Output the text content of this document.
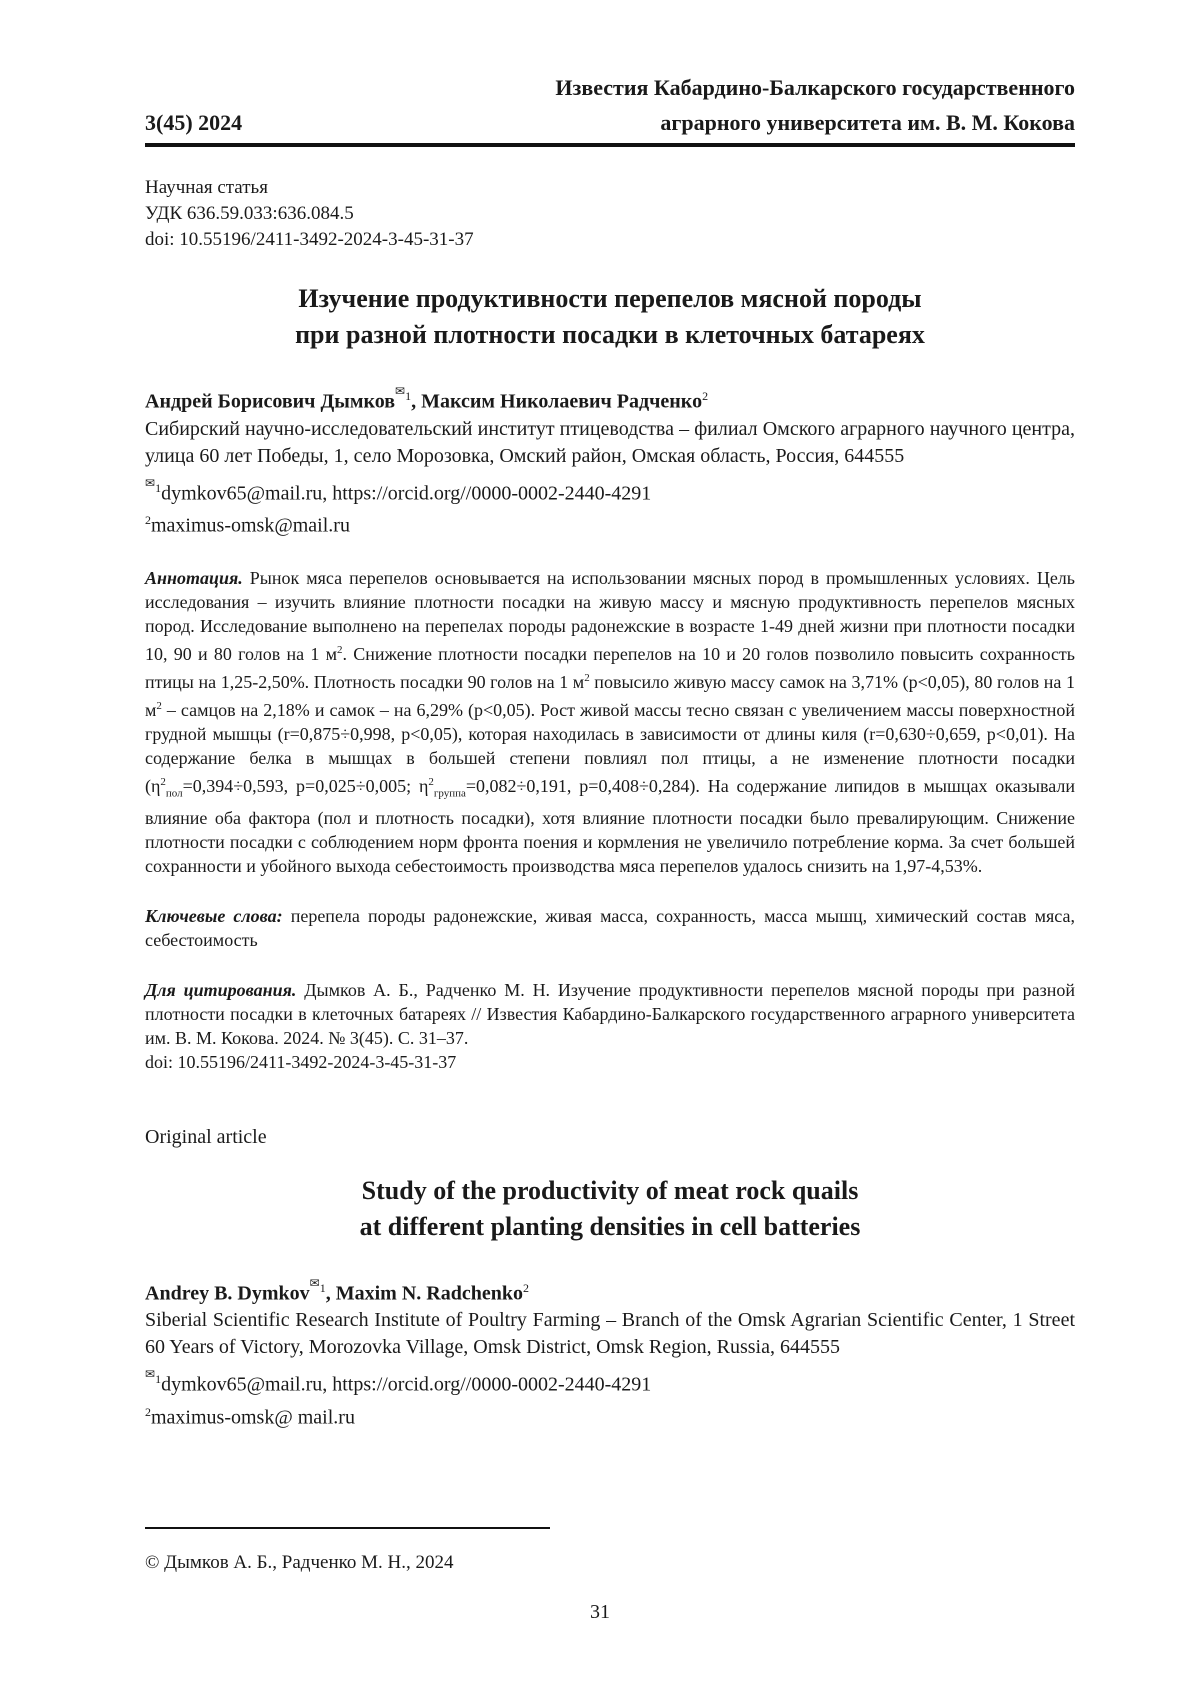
3(45) 2024
Известия Кабардино-Балкарского государственного
аграрного университета им. В. М. Кокова
Научная статья
УДК 636.59.033:636.084.5
doi: 10.55196/2411-3492-2024-3-45-31-37
Изучение продуктивности перепелов мясной породы
при разной плотности посадки в клеточных батареях
Андрей Борисович Дымков✉1, Максим Николаевич Радченко2
Сибирский научно-исследовательский институт птицеводства – филиал Омского аграрного научного центра, улица 60 лет Победы, 1, село Морозовка, Омский район, Омская область, Россия, 644555
✉1dymkov65@mail.ru, https://orcid.org//0000-0002-2440-4291
2maximus-omsk@mail.ru
Аннотация. Рынок мяса перепелов основывается на использовании мясных пород в промышленных условиях. Цель исследования – изучить влияние плотности посадки на живую массу и мясную продуктивность перепелов мясных пород. Исследование выполнено на перепелах породы радонежские в возрасте 1-49 дней жизни при плотности посадки 10, 90 и 80 голов на 1 м2. Снижение плотности посадки перепелов на 10 и 20 голов позволило повысить сохранность птицы на 1,25-2,50%. Плотность посадки 90 голов на 1 м2 повысило живую массу самок на 3,71% (р<0,05), 80 голов на 1 м2 – самцов на 2,18% и самок – на 6,29% (р<0,05). Рост живой массы тесно связан с увеличением массы поверхностной грудной мышцы (r=0,875÷0,998, р<0,05), которая находилась в зависимости от длины киля (r=0,630÷0,659, р<0,01). На содержание белка в мышцах в большей степени повлиял пол птицы, а не изменение плотности посадки (η2пол=0,394÷0,593, р=0,025÷0,005; η2группа=0,082÷0,191, р=0,408÷0,284). На содержание липидов в мышцах оказывали влияние оба фактора (пол и плотность посадки), хотя влияние плотности посадки было превалирующим. Снижение плотности посадки с соблюдением норм фронта поения и кормления не увеличило потребление корма. За счет большей сохранности и убойного выхода себестоимость производства мяса перепелов удалось снизить на 1,97-4,53%.
Ключевые слова: перепела породы радонежские, живая масса, сохранность, масса мышц, химический состав мяса, себестоимость
Для цитирования. Дымков А. Б., Радченко М. Н. Изучение продуктивности перепелов мясной породы при разной плотности посадки в клеточных батареях // Известия Кабардино-Балкарского государственного аграрного университета им. В. М. Кокова. 2024. № 3(45). С. 31–37.
doi: 10.55196/2411-3492-2024-3-45-31-37
Original article
Study of the productivity of meat rock quails
at different planting densities in cell batteries
Andrey B. Dymkov✉1, Maxim N. Radchenko2
Siberial Scientific Research Institute of Poultry Farming – Branch of the Omsk Agrarian Scientific Center, 1 Street 60 Years of Victory, Morozovka Village, Omsk District, Omsk Region, Russia, 644555
✉1dymkov65@mail.ru, https://orcid.org//0000-0002-2440-4291
2maximus-omsk@ mail.ru
© Дымков А. Б., Радченко М. Н., 2024
31
